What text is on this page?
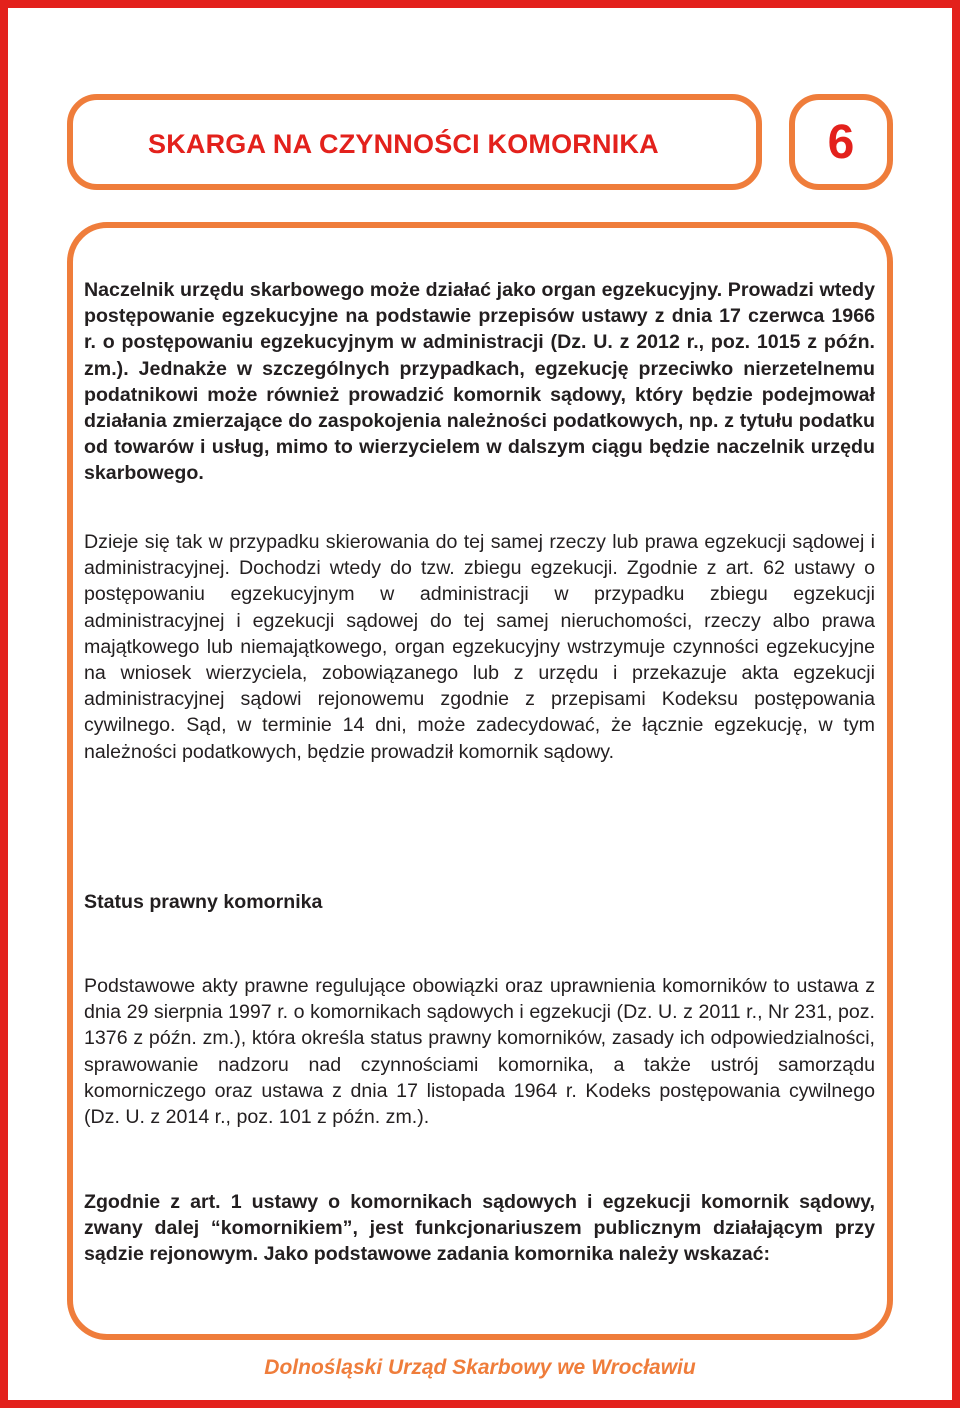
SKARGA NA CZYNNOŚCI KOMORNIKA	6

Naczelnik urzędu skarbowego może działać jako organ egzekucyjny. Prowadzi wtedy postępowanie egzekucyjne na podstawie przepisów ustawy z dnia 17 czerwca 1966 r. o postępowaniu egzekucyjnym w administracji (Dz. U. z 2012 r., poz. 1015 z późn. zm.). Jednakże w szczególnych przypadkach, egzekucję przeciwko nierzetelnemu podatnikowi może również prowadzić komornik sądowy, który będzie podejmował działania zmierzające do zaspokojenia należności podatkowych, np. z tytułu podatku od towarów i usług, mimo to wierzycielem w dalszym ciągu będzie naczelnik urzędu skarbowego.

Dzieje się tak w przypadku skierowania do tej samej rzeczy lub prawa egzekucji sądowej i administracyjnej. Dochodzi wtedy do tzw. zbiegu egzekucji. Zgodnie z art. 62 ustawy o postępowaniu egzekucyjnym w administracji w przypadku zbiegu egzekucji administracyjnej i egzekucji sądowej do tej samej nieruchomości, rzeczy albo prawa majątkowego lub niemajątkowego, organ egzekucyjny wstrzymuje czynności egzekucyjne na wniosek wierzyciela, zobowiązanego lub z urzędu i przekazuje akta egzekucji administracyjnej sądowi rejonowemu zgodnie z przepisami Kodeksu postępowania cywilnego. Sąd, w terminie 14 dni, może zadecydować, że łącznie egzekucję, w tym należności podatkowych, będzie prowadził komornik sądowy.

Status prawny komornika

Podstawowe akty prawne regulujące obowiązki oraz uprawnienia komorników to ustawa z dnia 29 sierpnia 1997 r. o komornikach sądowych i egzekucji (Dz. U. z 2011 r., Nr 231, poz. 1376 z późn. zm.), która określa status prawny komorników, zasady ich odpowiedzialności, sprawowanie nadzoru nad czynnościami komornika, a także ustrój samorządu komorniczego oraz ustawa z dnia 17 listopada 1964 r. Kodeks postępowania cywilnego (Dz. U. z 2014 r., poz. 101 z późn. zm.).

Zgodnie z art. 1 ustawy o komornikach sądowych i egzekucji komornik sądowy, zwany dalej “komornikiem”, jest funkcjonariuszem publicznym działającym przy sądzie rejonowym. Jako podstawowe zadania komornika należy wskazać:

Dolnośląski Urząd Skarbowy we Wrocławiu
